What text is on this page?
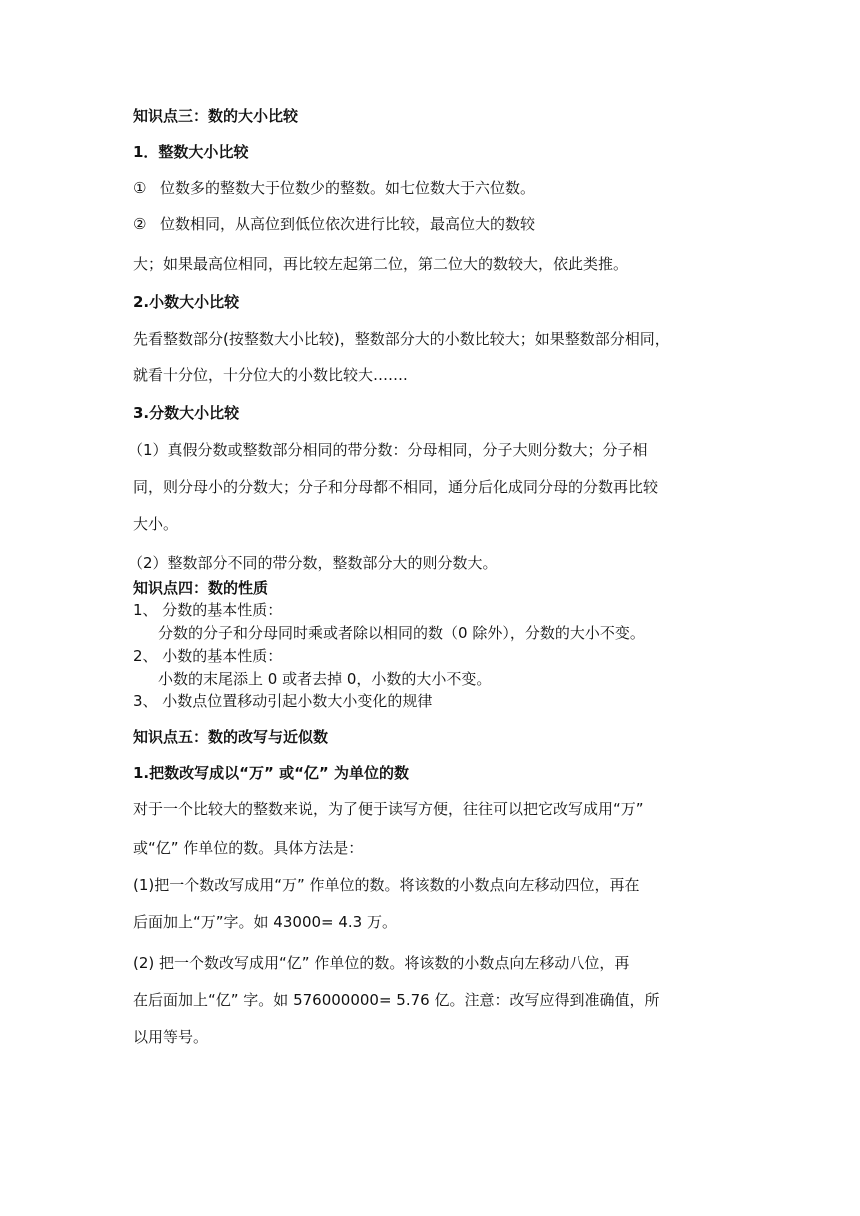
知识点三：数的大小比较

1．整数大小比较

① 位数多的整数大于位数少的整数。如七位数大于六位数。

② 位数相同，从高位到低位依次进行比较，最高位大的数较

大；如果最高位相同，再比较左起第二位，第二位大的数较大，依此类推。

2.小数大小比较

先看整数部分(按整数大小比较)，整数部分大的小数比较大；如果整数部分相同，

就看十分位，十分位大的小数比较大…….

3.分数大小比较

（1）真假分数或整数部分相同的带分数：分母相同，分子大则分数大；分子相

同，则分母小的分数大；分子和分母都不相同，通分后化成同分母的分数再比较

大小。

（2）整数部分不同的带分数，整数部分大的则分数大。

知识点四：数的性质

1、 分数的基本性质：

分数的分子和分母同时乘或者除以相同的数（0 除外），分数的大小不变。

2、 小数的基本性质：

小数的末尾添上 0 或者去掉 0，小数的大小不变。

3、 小数点位置移动引起小数大小变化的规律

知识点五：数的改写与近似数

1.把数改写成以“万” 或“亿” 为单位的数

对于一个比较大的整数来说，为了便于读写方便，往往可以把它改写成用“万”

或“亿” 作单位的数。具体方法是：

(1)把一个数改写成用“万” 作单位的数。将该数的小数点向左移动四位，再在

后面加上“万”字。如 43000= 4.3 万。

(2) 把一个数改写成用“亿” 作单位的数。将该数的小数点向左移动八位，再

在后面加上“亿” 字。如 576000000= 5.76 亿。注意：改写应得到准确值，所

以用等号。
